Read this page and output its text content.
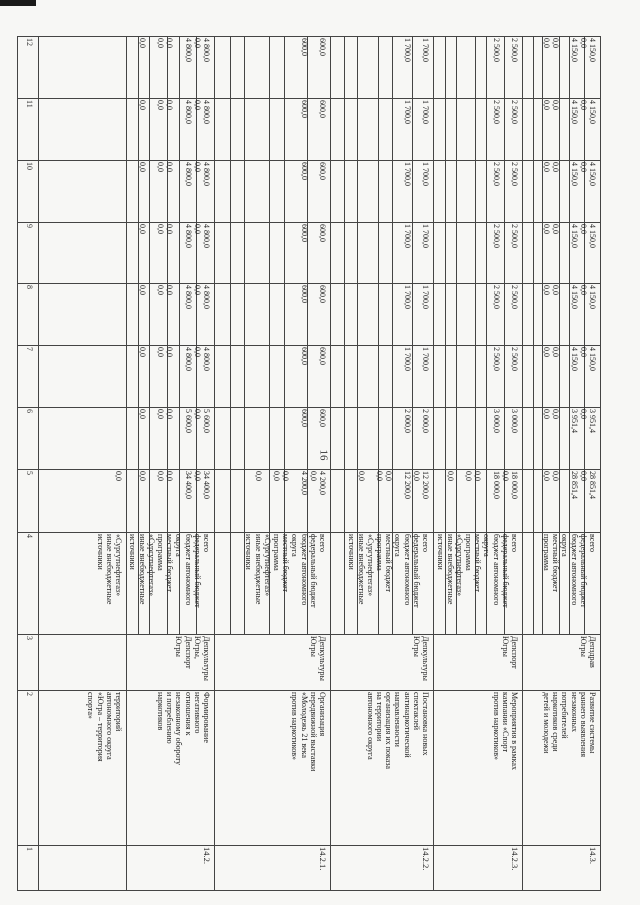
16
12
11
10
9
8
7
6
5
4
3
2
1
территорий
автономного округа
«Югра – территория
спорта»
«Сургутнефтегаз»
иные внебюджетные
источники
0,0
14.2.
Формирование
негативного
отношения к
незаконному обороту
и потреблению
наркотиков
Депкультуры
Югры,
Депспорт
Югры
всего
федеральный бюджет
бюджет автономного
округа
местный бюджет
программа
«Сургутнефтегаз»
иные внебюджетные
источники
34 400,0
0,0
34 400,0

0,0
0,0

0,0
5 600,0
0,0
5 600,0

0,0
0,0

0,0
4 800,0
0,0
4 800,0

0,0
0,0

0,0
4 800,0
0,0
4 800,0

0,0
0,0

0,0
4 800,0
0,0
4 800,0

0,0
0,0

0,0
4 800,0
0,0
4 800,0

0,0
0,0

0,0
4 800,0
0,0
4 800,0

0,0
0,0

0,0
4 800,0
0,0
4 800,0

0,0
0,0

0,0
14.2.1.
Организация
передвижной выставки
«Молодежь 21 века
против наркотиков»
Депкультуры
Югры
всего
федеральный бюджет
бюджет автономного
округа
местный бюджет
программа
«Сургутнефтегаз»
иные внебюджетные
источники
4 200,0
0,0
4 200,0

0,0
0,0

0,0
600,0

600,0

600,0

600,0

600,0

600,0

600,0

600,0

600,0

600,0

600,0

600,0

600,0

600,0

14.2.2.
Постановка новых
спектаклей
антинаркотической
направленности
организация их показа
на территории
автономного округа
Депкультуры
Югры
всего
федеральный бюджет
бюджет автономного
округа
местный бюджет
программа
«Сургутнефтегаз»
иные внебюджетные
источники
12 200,0
0,0
12 200,0

0,0
0,0

0,0
2 000,0

2 000,0

1 700,0

1 700,0

1 700,0

1 700,0

1 700,0

1 700,0

1 700,0

1 700,0

1 700,0

1 700,0

1 700,0

1 700,0

14.2.3.
Мероприятия в рамках
кампании «Спорт
против наркотиков»
Депспорт
Югры
всего
федеральный бюджет
бюджет автономного
округа
местный бюджет
программа
«Сургутнефтегаз»
иные внебюджетные
источники
18 000,0
0,0
18 000,0

0,0
0,0

0,0
3 000,0

3 000,0

2 500,0

2 500,0

2 500,0

2 500,0

2 500,0

2 500,0

2 500,0

2 500,0

2 500,0

2 500,0

2 500,0

2 500,0

14.3.
Развитие системы
раннего выявления
незаконных
потребителей
наркотиков среди
детей и молодежи
Депздрав
Югры
всего
федеральный бюджет
бюджет автономного
округа
местный бюджет
программа
28 851,4
0,0
28 851,4

0,0
0,0
3 951,4
0,0
3 951,4

0,0
0,0
4 150,0
0,0
4 150,0

0,0
0,0
4 150,0
0,0
4 150,0

0,0
0,0
4 150,0
0,0
4 150,0

0,0
0,0
4 150,0
0,0
4 150,0

0,0
0,0
4 150,0
0,0
4 150,0

0,0
0,0
4 150,0
0,0
4 150,0

0,0
0,0
